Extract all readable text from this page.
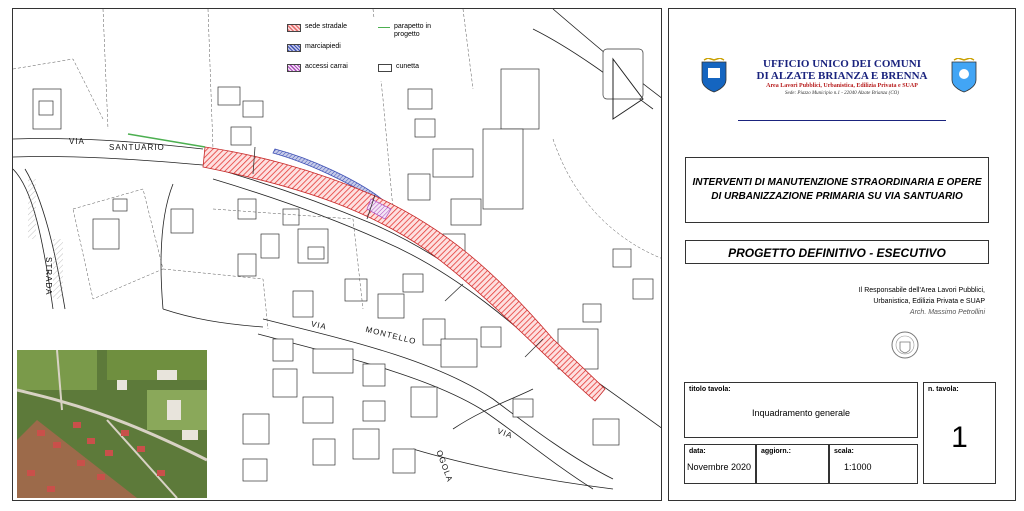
sede stradale
marciapiedi
accessi carrai
parapetto in
progetto
cunetta
VIA
SANTUARIO
STRADA
VIA	MONTELLO
VIA
OGOLA
UFFICIO UNICO DEI COMUNI
DI ALZATE BRIANZA E BRENNA
Area Lavori Pubblici, Urbanistica, Edilizia Privata e SUAP
Sede: Piazzo Municipio n.1 - 22040 Alzate Brianza (CO)
INTERVENTI DI MANUTENZIONE STRAORDINARIA E OPERE
DI URBANIZZAZIONE PRIMARIA SU VIA SANTUARIO
PROGETTO DEFINITIVO - ESECUTIVO
Il Responsabile dell'Area Lavori Pubblici,
Urbanistica, Edilizia Privata e SUAP
Arch. Massimo Petrollini
titolo tavola:
Inquadramento generale
n. tavola:
1
data:
Novembre 2020
aggiorn.:	scala:
1:1000
